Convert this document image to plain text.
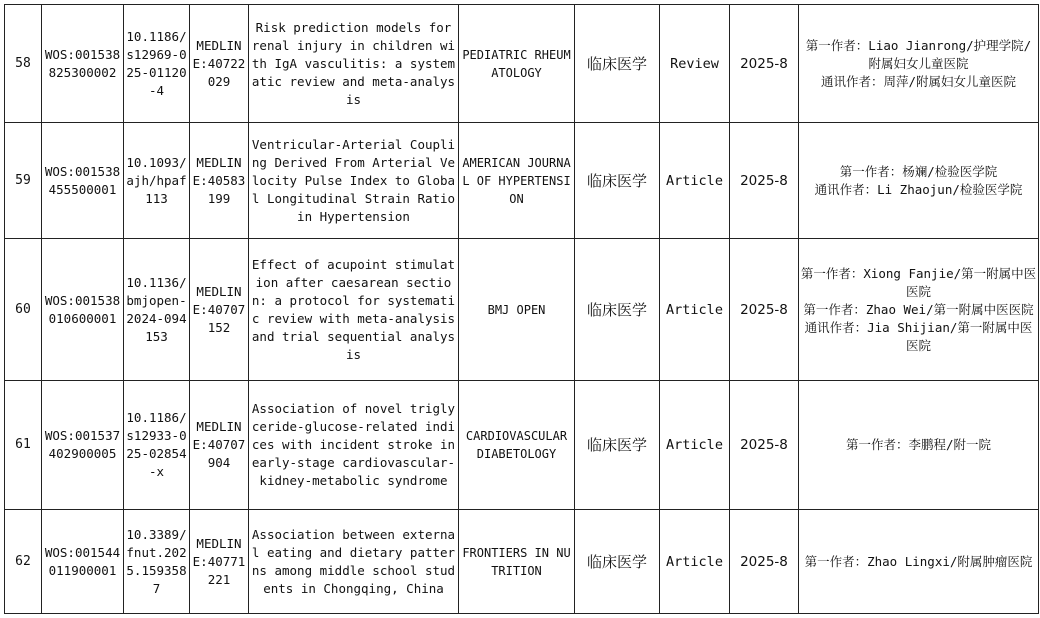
58	WOS:001538825300002	10.1186/s12969-025-01120-4	MEDLINE:40722029	Risk prediction models for renal injury in children with IgA vasculitis: a systematic review and meta-analysis	PEDIATRIC RHEUMATOLOGY	临床医学	Review	2025-8	第一作者：Liao Jianrong/护理学院/附属妇女儿童医院
通讯作者：周萍/附属妇女儿童医院

59	WOS:001538455500001	10.1093/ajh/hpaf113	MEDLINE:40583199	Ventricular-Arterial Coupling Derived From Arterial Velocity Pulse Index to Global Longitudinal Strain Ratio in Hypertension	AMERICAN JOURNAL OF HYPERTENSION	临床医学	Article	2025-8	第一作者：杨斓/检验医学院
通讯作者：Li Zhaojun/检验医学院

60	WOS:001538010600001	10.1136/bmjopen-2024-094153	MEDLINE:40707152	Effect of acupoint stimulation after caesarean section: a protocol for systematic review with meta-analysis and trial sequential analysis	BMJ OPEN	临床医学	Article	2025-8	第一作者：Xiong Fanjie/第一附属中医医院
第一作者：Zhao Wei/第一附属中医医院
通讯作者：Jia Shijian/第一附属中医医院

61	WOS:001537402900005	10.1186/s12933-025-02854-x	MEDLINE:40707904	Association of novel triglyceride-glucose-related indices with incident stroke in early-stage cardiovascular-kidney-metabolic syndrome	CARDIOVASCULAR DIABETOLOGY	临床医学	Article	2025-8	第一作者：李鹏程/附一院

62	WOS:001544011900001	10.3389/fnut.2025.1593587	MEDLINE:40771221	Association between external eating and dietary patterns among middle school students in Chongqing, China	FRONTIERS IN NUTRITION	临床医学	Article	2025-8	第一作者：Zhao Lingxi/附属肿瘤医院
